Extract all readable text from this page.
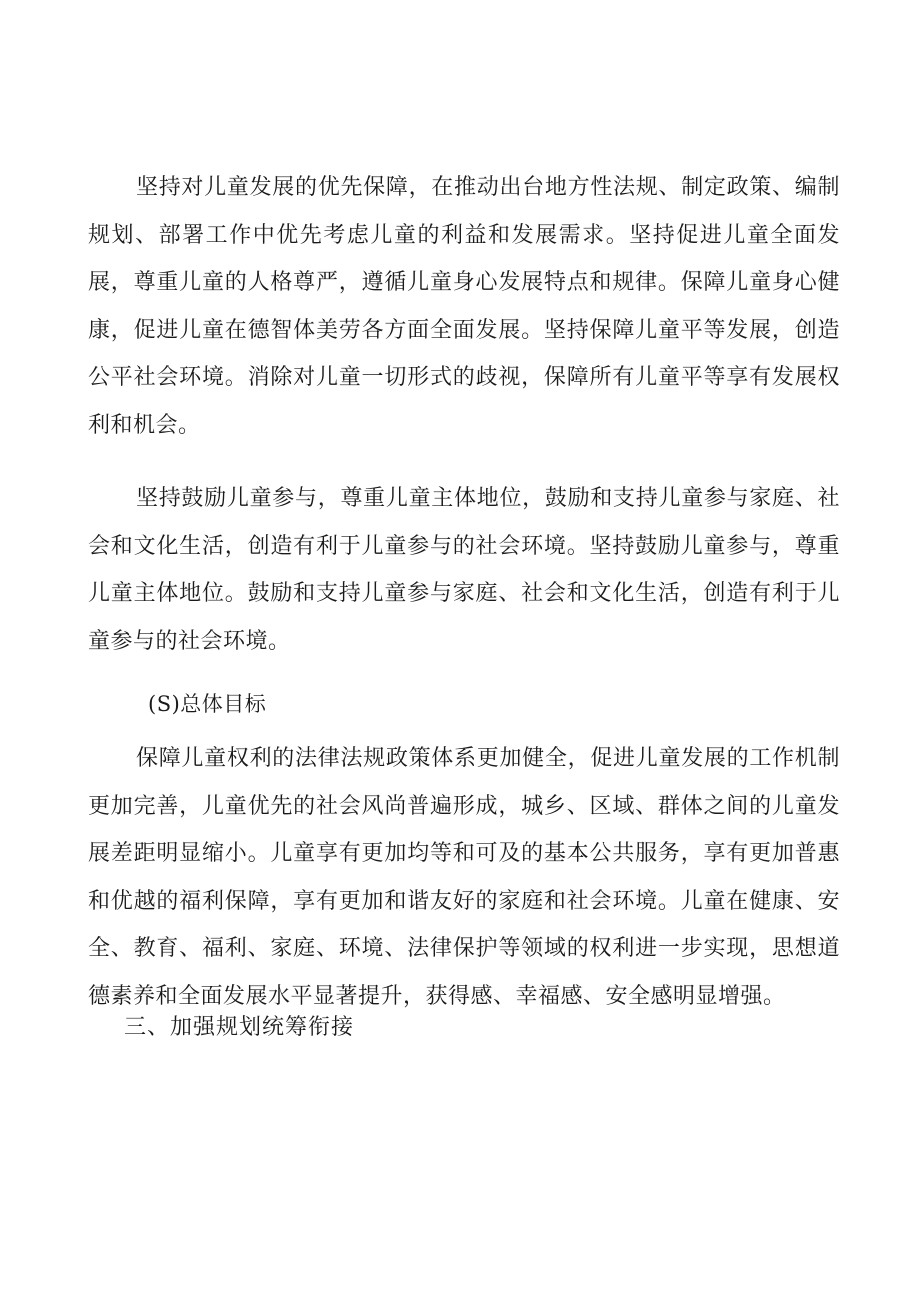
坚持对儿童发展的优先保障，在推动出台地方性法规、制定政策、编制规划、部署工作中优先考虑儿童的利益和发展需求。坚持促进儿童全面发展，尊重儿童的人格尊严，遵循儿童身心发展特点和规律。保障儿童身心健康，促进儿童在德智体美劳各方面全面发展。坚持保障儿童平等发展，创造公平社会环境。消除对儿童一切形式的歧视，保障所有儿童平等享有发展权利和机会。

坚持鼓励儿童参与，尊重儿童主体地位，鼓励和支持儿童参与家庭、社会和文化生活，创造有利于儿童参与的社会环境。坚持鼓励儿童参与，尊重儿童主体地位。鼓励和支持儿童参与家庭、社会和文化生活，创造有利于儿童参与的社会环境。

(S)总体目标

保障儿童权利的法律法规政策体系更加健全，促进儿童发展的工作机制更加完善，儿童优先的社会风尚普遍形成，城乡、区域、群体之间的儿童发展差距明显缩小。儿童享有更加均等和可及的基本公共服务，享有更加普惠和优越的福利保障，享有更加和谐友好的家庭和社会环境。儿童在健康、安全、教育、福利、家庭、环境、法律保护等领域的权利进一步实现，思想道德素养和全面发展水平显著提升，获得感、幸福感、安全感明显增强。

三、加强规划统筹衔接
